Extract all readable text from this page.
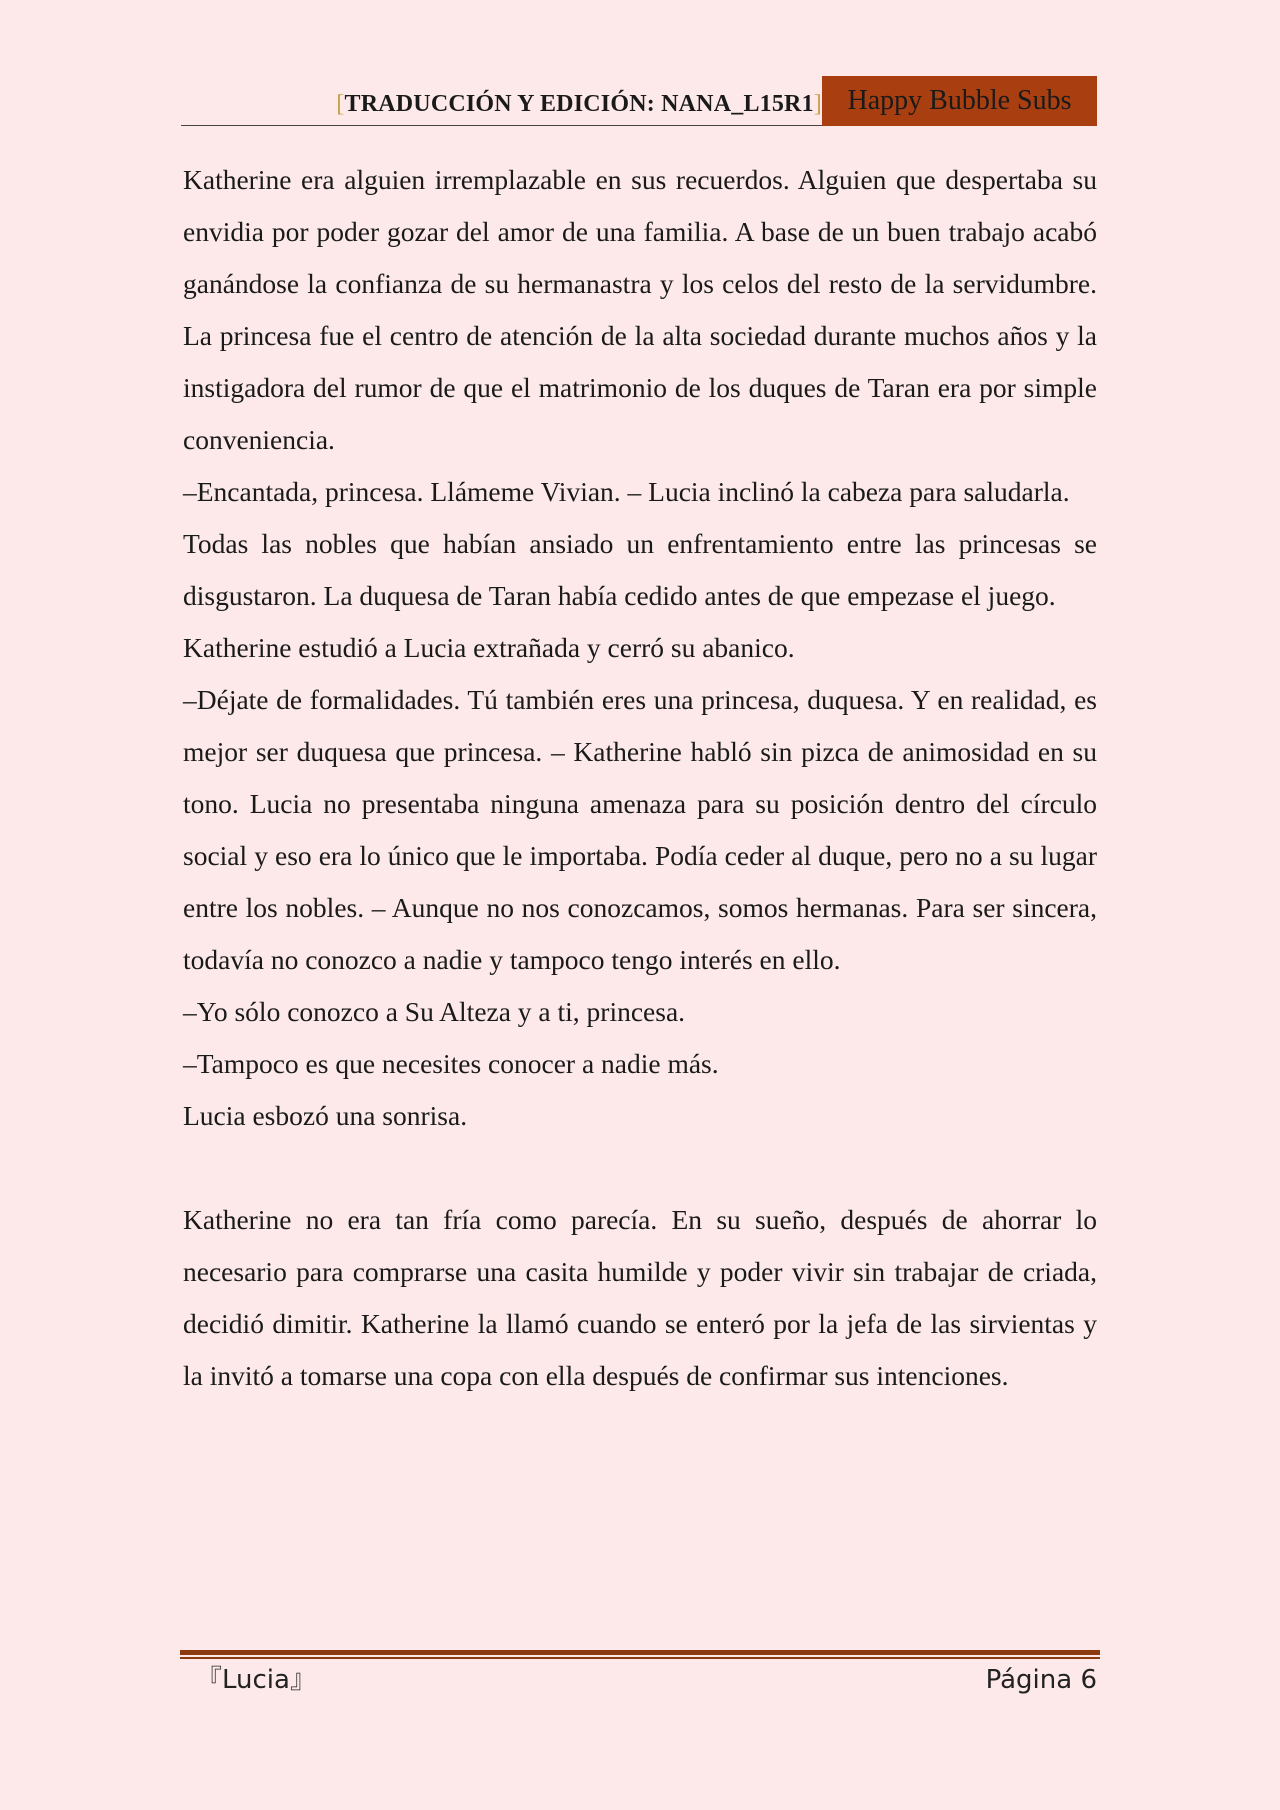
[TRADUCCIÓN Y EDICIÓN: NANA_L15R1] Happy Bubble Subs

Katherine era alguien irremplazable en sus recuerdos. Alguien que despertaba su envidia por poder gozar del amor de una familia. A base de un buen trabajo acabó ganándose la confianza de su hermanastra y los celos del resto de la servidumbre. La princesa fue el centro de atención de la alta sociedad durante muchos años y la instigadora del rumor de que el matrimonio de los duques de Taran era por simple conveniencia.

–Encantada, princesa. Llámeme Vivian. – Lucia inclinó la cabeza para saludarla.

Todas las nobles que habían ansiado un enfrentamiento entre las princesas se disgustaron. La duquesa de Taran había cedido antes de que empezase el juego.

Katherine estudió a Lucia extrañada y cerró su abanico.

–Déjate de formalidades. Tú también eres una princesa, duquesa. Y en realidad, es mejor ser duquesa que princesa. – Katherine habló sin pizca de animosidad en su tono. Lucia no presentaba ninguna amenaza para su posición dentro del círculo social y eso era lo único que le importaba. Podía ceder al duque, pero no a su lugar entre los nobles. – Aunque no nos conozcamos, somos hermanas. Para ser sincera, todavía no conozco a nadie y tampoco tengo interés en ello.

–Yo sólo conozco a Su Alteza y a ti, princesa.

–Tampoco es que necesites conocer a nadie más.

Lucia esbozó una sonrisa.

Katherine no era tan fría como parecía. En su sueño, después de ahorrar lo necesario para comprarse una casita humilde y poder vivir sin trabajar de criada, decidió dimitir. Katherine la llamó cuando se enteró por la jefa de las sirvientas y la invitó a tomarse una copa con ella después de confirmar sus intenciones.

『Lucia』	Página 6
